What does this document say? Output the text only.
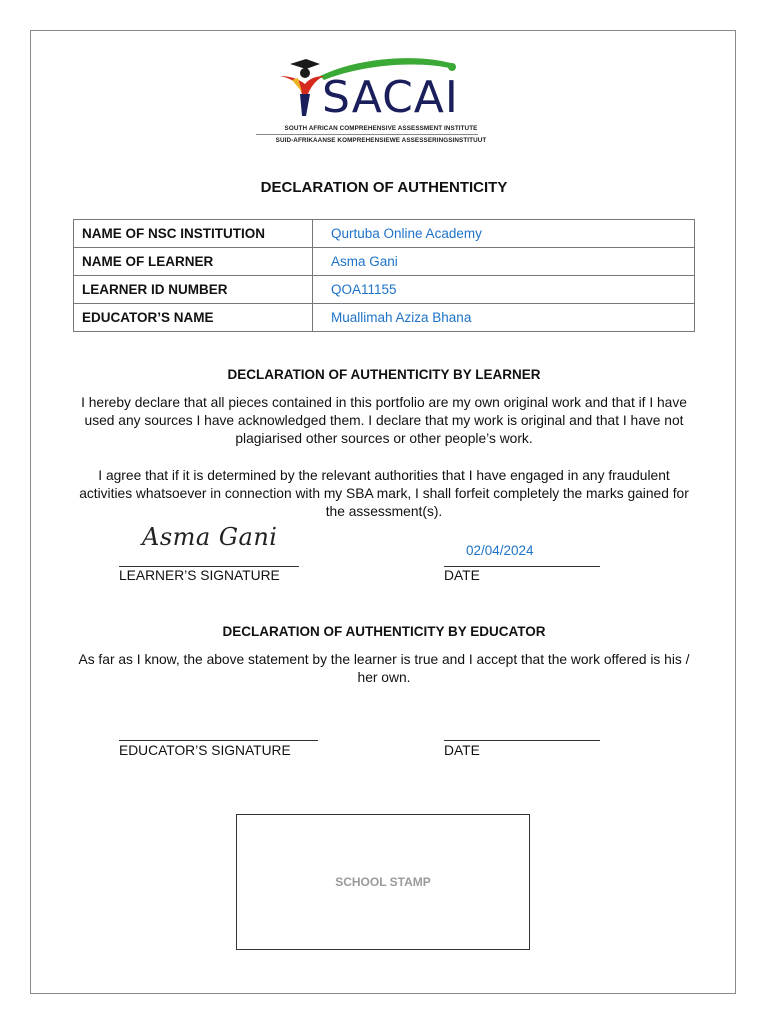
SACAI
SOUTH AFRICAN COMPREHENSIVE ASSESSMENT INSTITUTE
SUID-AFRIKAANSE KOMPREHENSIEWE ASSESSERINGSINSTITUUT
DECLARATION OF AUTHENTICITY
NAME OF NSC INSTITUTION	Qurtuba Online Academy
NAME OF LEARNER	Asma Gani
LEARNER ID NUMBER	QOA11155
EDUCATOR’S NAME	Muallimah Aziza Bhana
DECLARATION OF AUTHENTICITY BY LEARNER
I hereby declare that all pieces contained in this portfolio are my own original work and that if I have used any sources I have acknowledged them. I declare that my work is original and that I have not plagiarised other sources or other people’s work.
I agree that if it is determined by the relevant authorities that I have engaged in any fraudulent activities whatsoever in connection with my SBA mark, I shall forfeit completely the marks gained for the assessment(s).
Asma Gani
LEARNER’S SIGNATURE
02/04/2024
DATE
DECLARATION OF AUTHENTICITY BY EDUCATOR
As far as I know, the above statement by the learner is true and I accept that the work offered is his / her own.
EDUCATOR’S SIGNATURE	DATE
SCHOOL STAMP
